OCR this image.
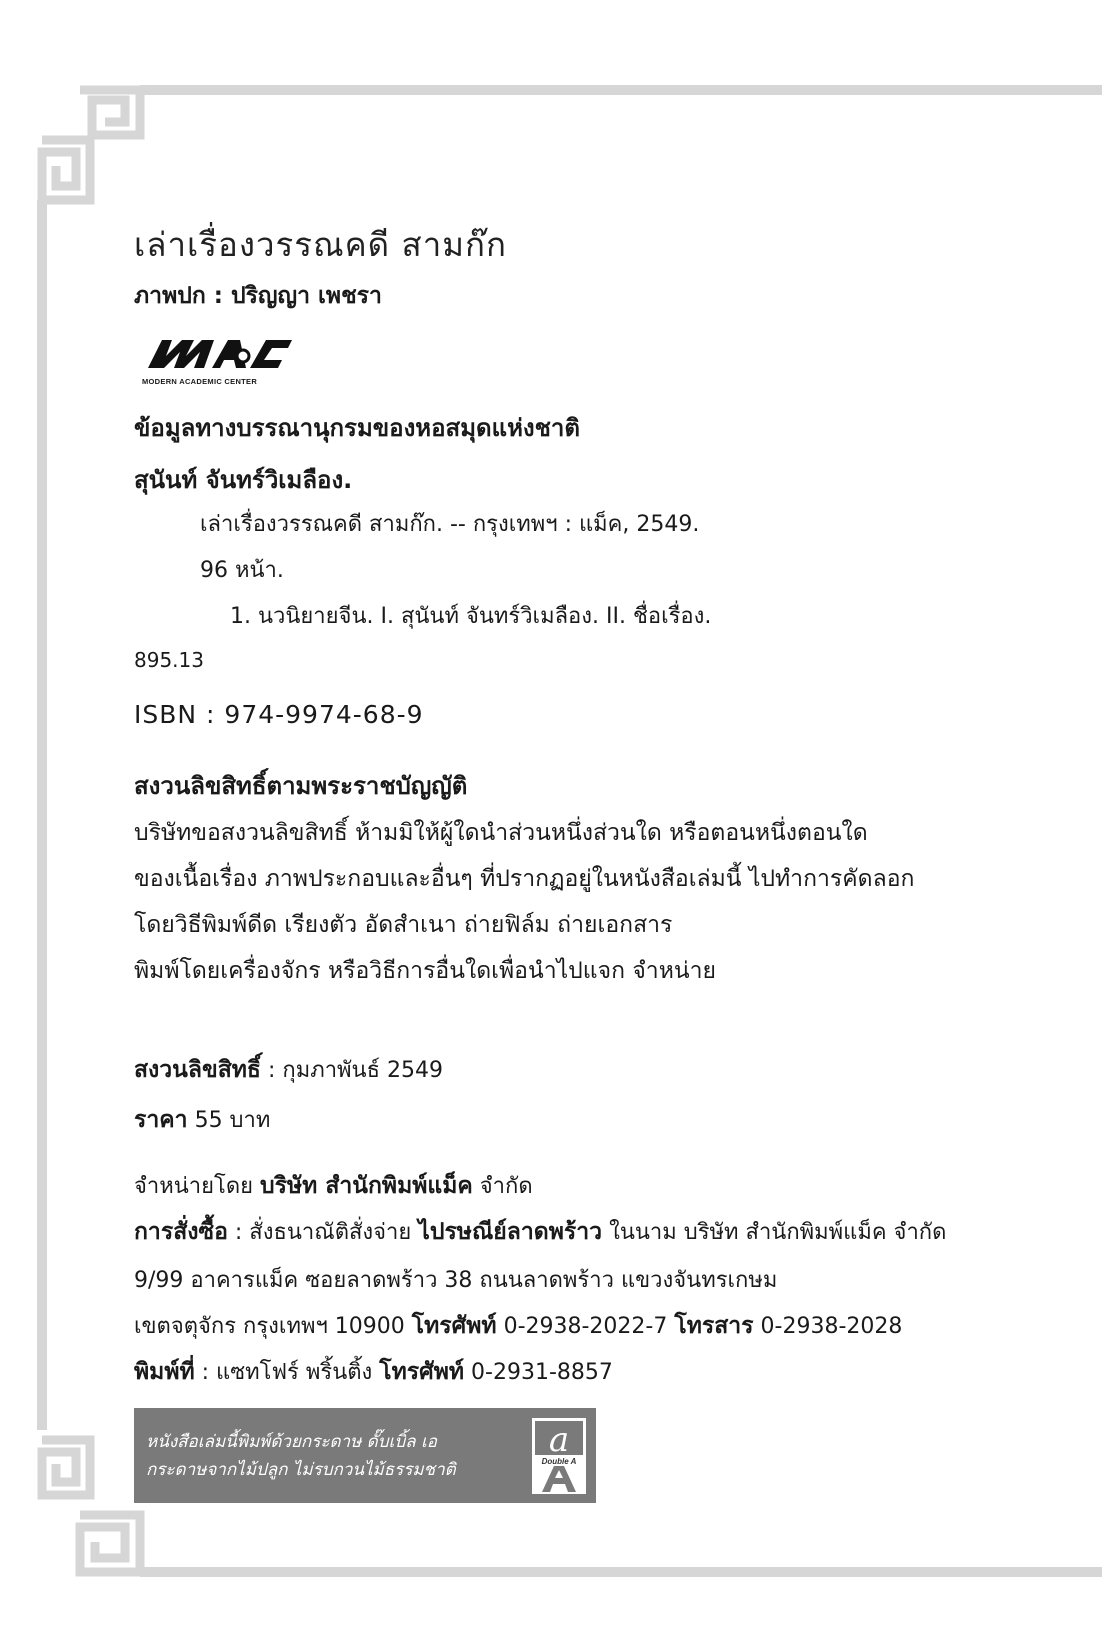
เล่าเรื่องวรรณคดี สามก๊ก
ภาพปก : ปริญญา เพชรา
MODERN ACADEMIC CENTER
ข้อมูลทางบรรณานุกรมของหอสมุดแห่งชาติ
สุนันท์ จันทร์วิเมลือง.
เล่าเรื่องวรรณคดี สามก๊ก. -- กรุงเทพฯ : แม็ค, 2549.
96 หน้า.
1. นวนิยายจีน. I. สุนันท์ จันทร์วิเมลือง. II. ชื่อเรื่อง.
895.13
ISBN : 974-9974-68-9
สงวนลิขสิทธิ์ตามพระราชบัญญัติ
บริษัทขอสงวนลิขสิทธิ์ ห้ามมิให้ผู้ใดนำส่วนหนึ่งส่วนใด หรือตอนหนึ่งตอนใด
ของเนื้อเรื่อง ภาพประกอบและอื่นๆ ที่ปรากฏอยู่ในหนังสือเล่มนี้ ไปทำการคัดลอก
โดยวิธีพิมพ์ดีด เรียงตัว อัดสำเนา ถ่ายฟิล์ม ถ่ายเอกสาร
พิมพ์โดยเครื่องจักร หรือวิธีการอื่นใดเพื่อนำไปแจก จำหน่าย
สงวนลิขสิทธิ์ : กุมภาพันธ์ 2549
ราคา 55 บาท
จำหน่ายโดย บริษัท สำนักพิมพ์แม็ค จำกัด
การสั่งซื้อ : สั่งธนาณัติสั่งจ่าย ไปรษณีย์ลาดพร้าว ในนาม บริษัท สำนักพิมพ์แม็ค จำกัด
9/99 อาคารแม็ค ซอยลาดพร้าว 38 ถนนลาดพร้าว แขวงจันทรเกษม
เขตจตุจักร กรุงเทพฯ 10900 โทรศัพท์ 0-2938-2022-7 โทรสาร 0-2938-2028
พิมพ์ที่ : แซทโฟร์ พริ้นติ้ง โทรศัพท์ 0-2931-8857
หนังสือเล่มนี้พิมพ์ด้วยกระดาษ ดั๊บเบิ้ล เอ
กระดาษจากไม้ปลูก ไม่รบกวนไม้ธรรมชาติ
a
Double A
